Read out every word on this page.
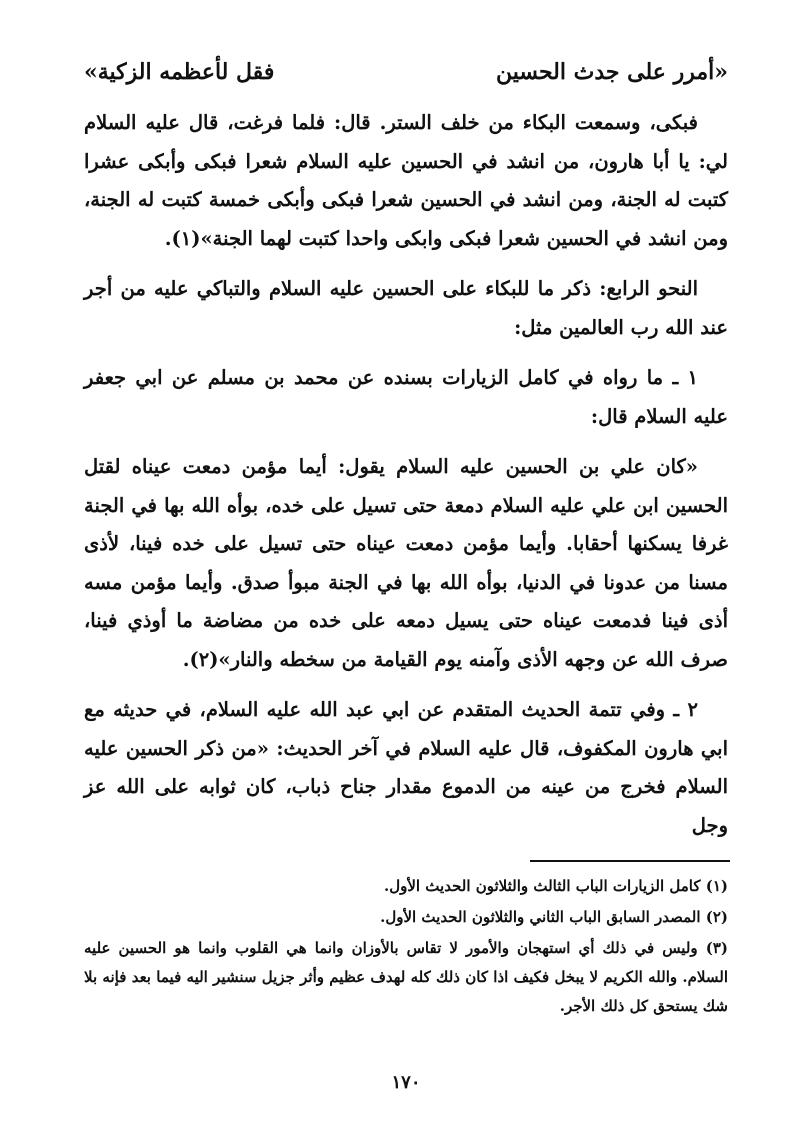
«أمرر على جدث الحسين
فقل لأعظمه الزكية»

فبكى، وسمعت البكاء من خلف الستر. قال: فلما فرغت، قال عليه السلام لي: يا أبا هارون، من انشد في الحسين عليه السلام شعرا فبكى وأبكى عشرا كتبت له الجنة، ومن انشد في الحسين شعرا فبكى وأبكى خمسة كتبت له الجنة، ومن انشد في الحسين شعرا فبكى وابكى واحدا كتبت لهما الجنة»(١).

النحو الرابع: ذكر ما للبكاء على الحسين عليه السلام والتباكي عليه من أجر عند الله رب العالمين مثل:

١ ـ ما رواه في كامل الزيارات بسنده عن محمد بن مسلم عن ابي جعفر عليه السلام قال:

«كان علي بن الحسين عليه السلام يقول: أيما مؤمن دمعت عيناه لقتل الحسين ابن علي عليه السلام دمعة حتى تسيل على خده، بوأه الله بها في الجنة غرفا يسكنها أحقابا. وأيما مؤمن دمعت عيناه حتى تسيل على خده فينا، لأذى مسنا من عدونا في الدنيا، بوأه الله بها في الجنة مبوأ صدق. وأيما مؤمن مسه أذى فينا فدمعت عيناه حتى يسيل دمعه على خده من مضاضة ما أوذي فينا، صرف الله عن وجهه الأذى وآمنه يوم القيامة من سخطه والنار»(٢).

٢ ـ وفي تتمة الحديث المتقدم عن ابي عبد الله عليه السلام، في حديثه مع ابي هارون المكفوف، قال عليه السلام في آخر الحديث: «من ذكر الحسين عليه السلام فخرج من عينه من الدموع مقدار جناح ذباب، كان ثوابه على الله عز وجل

(١) كامل الزيارات الباب الثالث والثلاثون الحديث الأول.

(٢) المصدر السابق الباب الثاني والثلاثون الحديث الأول.

(٣) وليس في ذلك أي استهجان والأمور لا تقاس بالأوزان وانما هي القلوب وانما هو الحسين عليه السلام. والله الكريم لا يبخل فكيف اذا كان ذلك كله لهدف عظيم وأثر جزيل سنشير اليه فيما بعد فإنه بلا شك يستحق كل ذلك الأجر.

١٧٠
